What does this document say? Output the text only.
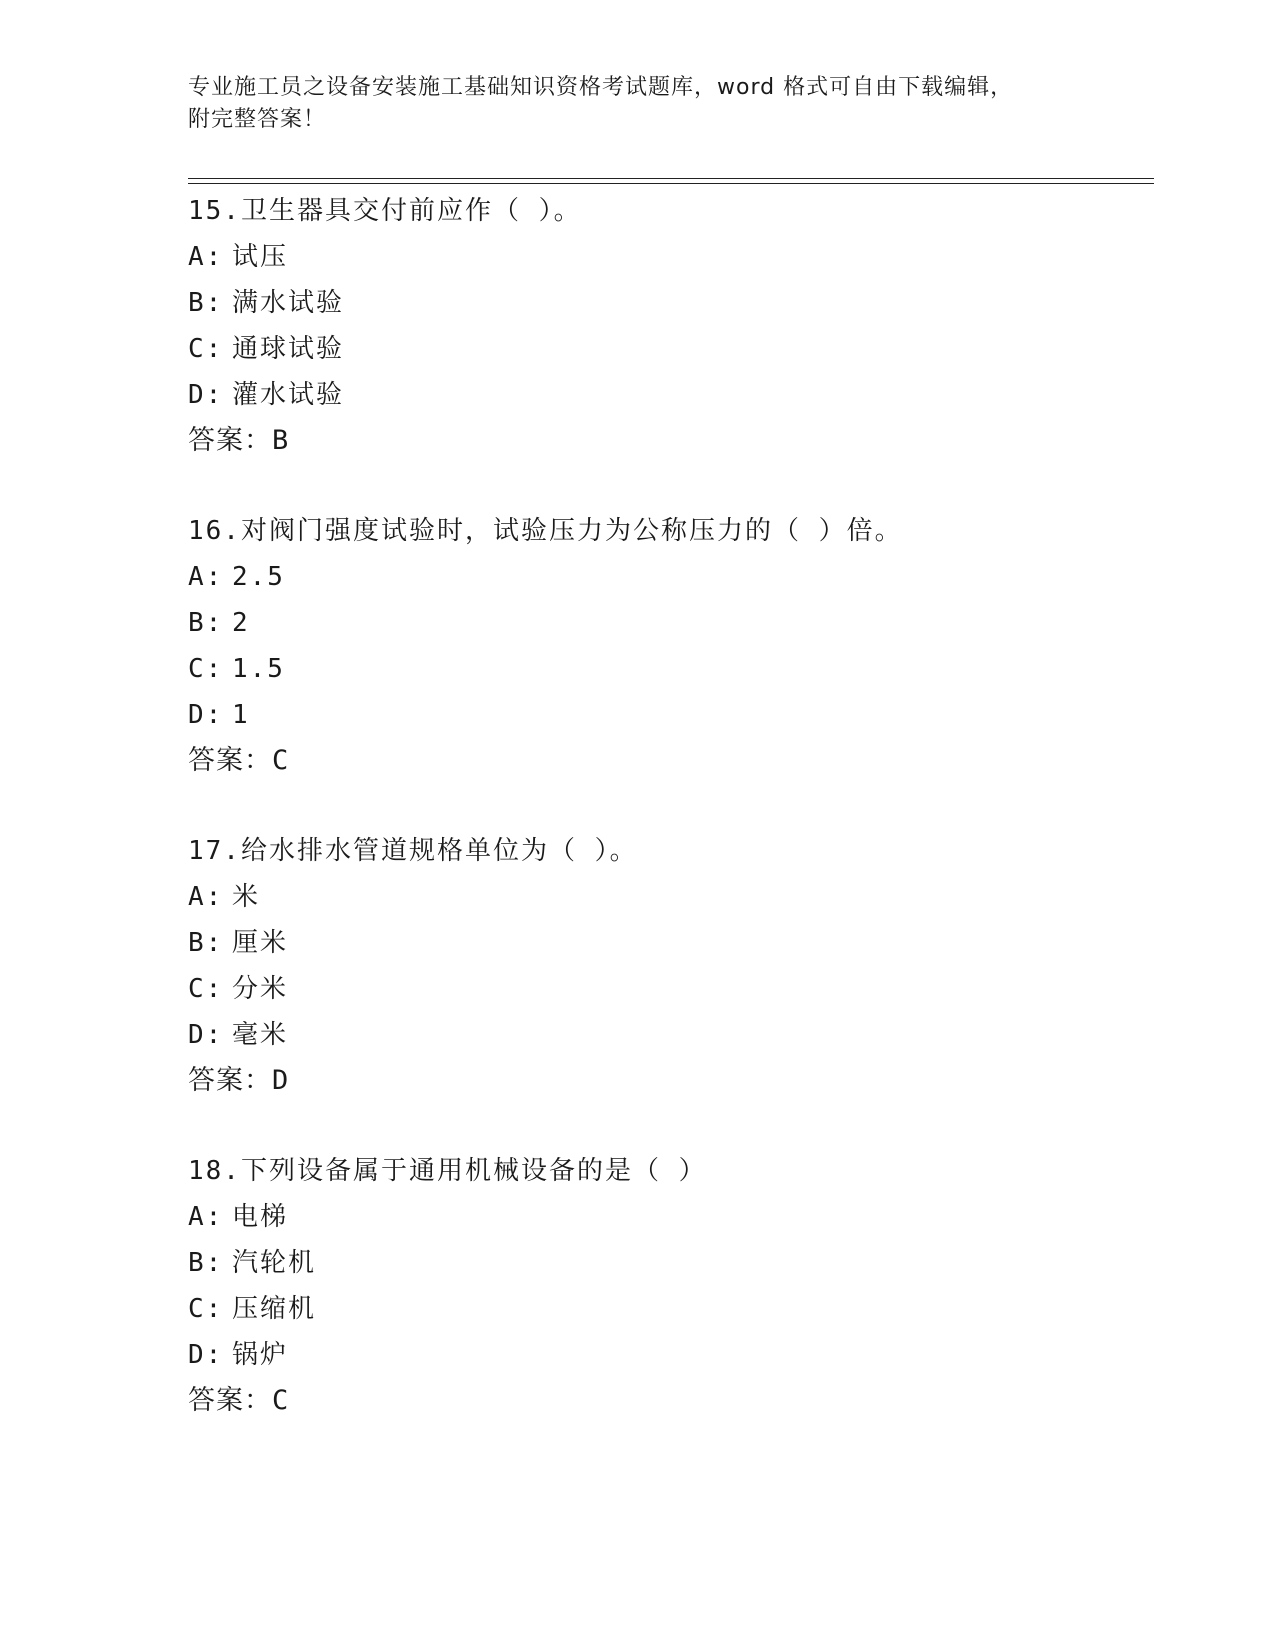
专业施工员之设备安装施工基础知识资格考试题库，word 格式可自由下载编辑，
附完整答案！
15.卫生器具交付前应作（ ）。
A: 试压
B: 满水试验
C: 通球试验
D: 灌水试验
答案：B
16.对阀门强度试验时，试验压力为公称压力的（ ）倍。
A: 2.5
B: 2
C: 1.5
D: 1
答案：C
17.给水排水管道规格单位为（ ）。
A: 米
B: 厘米
C: 分米
D: 毫米
答案：D
18.下列设备属于通用机械设备的是（ ）
A: 电梯
B: 汽轮机
C: 压缩机
D: 锅炉
答案：C
